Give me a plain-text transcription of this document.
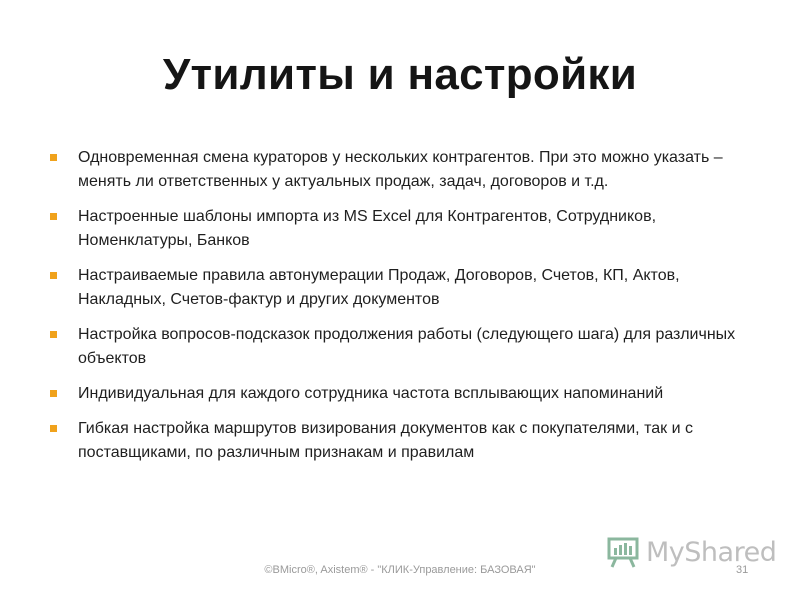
Утилиты и настройки
Одновременная смена кураторов у нескольких контрагентов. При это можно указать – менять ли ответственных у актуальных продаж, задач, договоров и т.д.
Настроенные шаблоны импорта из MS Excel для Контрагентов, Сотрудников, Номенклатуры, Банков
Настраиваемые правила автонумерации Продаж, Договоров, Счетов, КП, Актов, Накладных, Счетов-фактур и других документов
Настройка вопросов-подсказок продолжения работы (следующего шага) для различных объектов
Индивидуальная для каждого сотрудника частота всплывающих напоминаний
Гибкая настройка маршрутов визирования документов как с покупателями, так и с поставщиками, по различным признакам и правилам
MyShared
©BMicro®, Axistem® - "КЛИК-Управление: БАЗОВАЯ"	31
